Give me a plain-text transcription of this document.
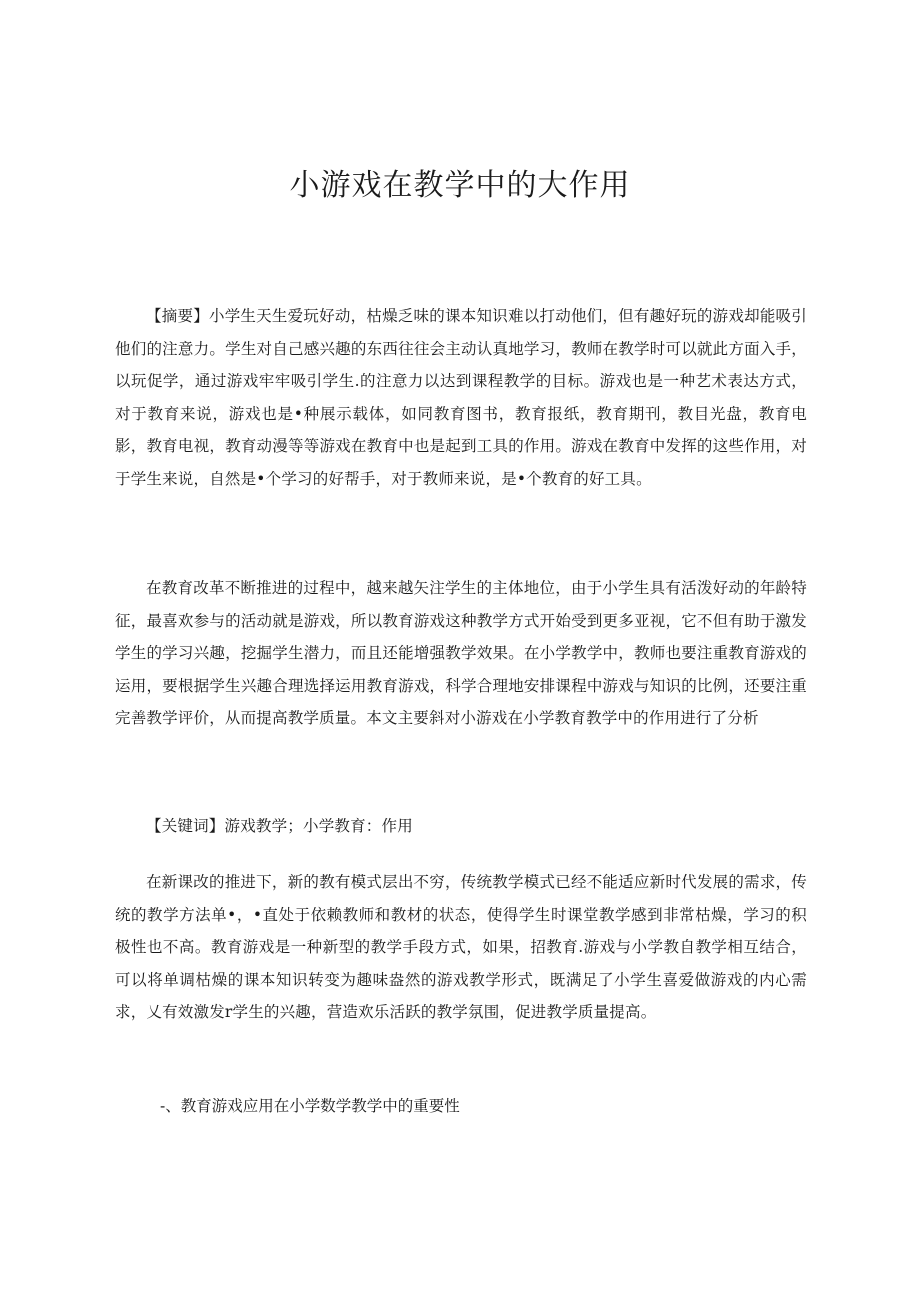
小游戏在教学中的大作用

【摘要】小学生天生爱玩好动，枯燥乏味的课本知识难以打动他们，但有趣好玩的游戏却能吸引他们的注意力。学生对自己感兴趣的东西往往会主动认真地学习，教师在教学时可以就此方面入手，以玩促学，通过游戏牢牢吸引学生.的注意力以达到课程教学的目标。游戏也是一种艺术表达方式，对于教育来说，游戏也是•种展示载体，如同教育图书，教育报纸，教育期刊，教目光盘，教育电影，教育电视，教育动漫等等游戏在教育中也是起到工具的作用。游戏在教育中发挥的这些作用，对于学生来说，自然是•个学习的好帮手，对于教师来说，是•个教育的好工具。

在教育改革不断推进的过程中，越来越矢注学生的主体地位，由于小学生具有活泼好动的年龄特征，最喜欢参与的活动就是游戏，所以教育游戏这种教学方式开始受到更多亚视，它不但有助于激发学生的学习兴趣，挖掘学生潜力，而且还能增强教学效果。在小学教学中，教师也要注重教育游戏的运用，要根据学生兴趣合理选择运用教育游戏，科学合理地安排课程中游戏与知识的比例，还要注重完善教学评价，从而提高教学质量。本文主要斜对小游戏在小学教育教学中的作用进行了分析

【关键词】游戏教学；小学教育：作用

在新课改的推进下，新的教有模式层出不穷，传统教学模式已经不能适应新时代发展的需求，传统的教学方法单•，•直处于依赖教师和教材的状态，使得学生时课堂教学感到非常枯燥，学习的积极性也不高。教育游戏是一种新型的教学手段方式，如果，招教育.游戏与小学教自教学相互结合，可以将单调枯燥的课本知识转变为趣味盎然的游戏教学形式，既满足了小学生喜爱做游戏的内心需求，乂有效激发r学生的兴趣，营造欢乐活跃的教学氛围，促进教学质量提高。

-、教育游戏应用在小学数学教学中的重要性
